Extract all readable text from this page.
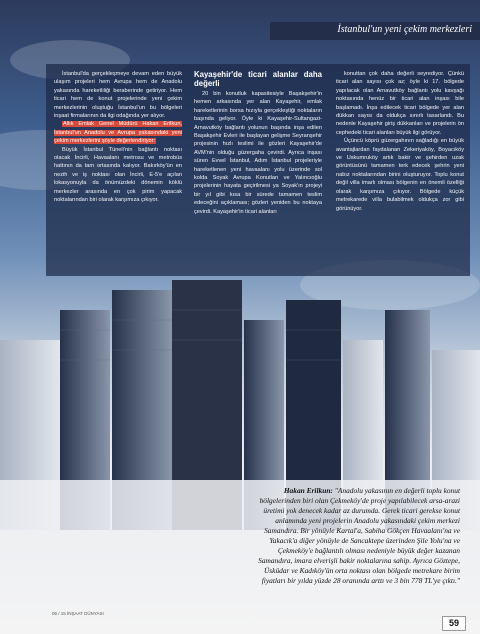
İstanbul'un yeni çekim merkezleri

İstanbul'da gerçekleşmeye devam eden büyük ulaşım projeleri hem Avrupa hem de Anadolu yakasında hareketliliği beraberinde getiriyor. Hem ticari hem de konut projelerinde yeni çekim merkezlerinin oluştuğu İstanbul'un bu bölgeleri inşaat firmalarının da ilgi odağında yer alıyor.

Allık Emlak Genel Müdürü Hakan Erilkun, İstanbul'un Anadolu ve Avrupa yakasındaki yeni çekim merkezlerini şöyle değerlendiriyor:

Büyük İstanbul Tüneli'nin bağlantı noktası olacak İncirli, Havaalanı metrosu ve metrobüs hattının da tam ortasında kalıyor. Bakırköy'ün en nezih ve iş noktası olan İncirli, E-5'e açılan lokasyonuyla da önümüzdeki dönemin köklü merkezler arasında en çok pirim yapacak noktalarından biri olarak karşımıza çıkıyor.

Kayaşehir'de ticari alanlar daha değerli

20 bin konutluk kapasitesiyle Başakşehir'in hemen arkasında yer alan Kayaşehir, emlak hareketlerinin borsa hızıyla gerçekleştiği noktaların başında geliyor. Öyle ki Kayaşehir-Sultangazi-Arnavutköy bağlantı yolunun başında inşa edilen Başakşehir Evleri ile başlayan gelişme Seyranşehir projesinin hızlı teslimi ile gözleri Kayaşehir'de AVM'nin olduğu güzergaha çevirdi. Ayrıca inşası süren Evvel İstanbul, Adım İstanbul projeleriyle hareketlenen yeni havaalanı yolu üzerinde sol kolda Soyak Avrupa Konutları ve Yalıncıoğlu projelerinin hayata geçirilmesi ya Soyak'ın projeyi bir yıl gibi kısa bir sürede tamamen teslim edeceğini açıklaması; gözleri yeniden bu noktaya çevirdi. Kayaşehir'in ticari alanları

konuttan çok daha değerli seyrediyor. Çünkü ticari alan sayısı çok az; öyle ki 17. bölgede yapılacak olan Arnavutköy bağlantı yolu kavşağı noktasında henüz bir ticari alan inşası bile başlamadı. İnşa edilecek ticari bölgede yer alan dükkan sayısı da oldukça sınırlı tasarlandı. Bu nedenle Kayaşehir giriş dükkanları ve projelerin ön cephedeki ticari alanları büyük ilgi görüyor.

Üçüncü köprü güzergahının sağladığı en büyük avantajlardan faydalanan Zekeriyaköy, Boyacıköy ve Uskumruköy artık bakir ve şehirden uzak görüntüsünü tamamen terk edecek şehrin yeni nabız noktalarından birini oluşturuyor. Toplu konut değil villa imarlı olması bölgenin en önemli özelliği olarak karşımıza çıkıyor. Bölgede küçük metrekarede villa bulabilmek oldukça zor gibi görünüyor.

Hakan Erilkun: "Anadolu yakasının en değerli toplu konut bölgelerinden biri olan Çekmeköy'de proje yapılabilecek arsa-arazi üretimi yok denecek kadar az durumda. Gerek ticari gerekse konut anlamında yeni projelerin Anadolu yakasındaki çekim merkezi Samandıra. Bir yönüyle Kartal'a, Sabiha Gökçen Havaalanı'na ve Yakacık'a diğer yönüyle de Sancaktepe üzerinden Şile Yolu'na ve Çekmeköy'e bağlantılı olması nedeniyle büyük değer kazanan Samandıra, imara elverişli bakir noktalarına sahip. Ayrıca Göztepe, Üsküdar ve Kadıköy'ün orta noktası olan bölgede metrekare birim fiyatları bir yılda yüzde 28 oranında arttı ve 3 bin 778 TL'ye çıktı."
06 / 15 İNŞAAT DÜNYASI
59
